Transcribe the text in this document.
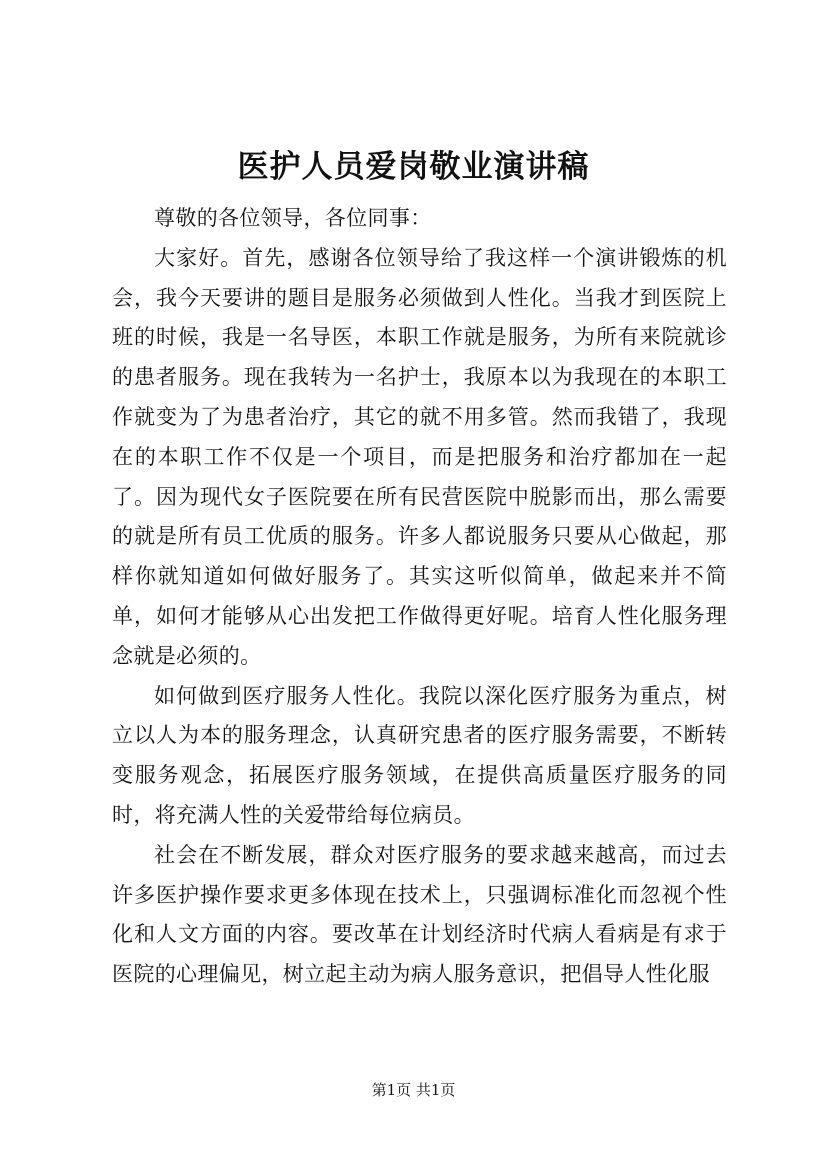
医护人员爱岗敬业演讲稿

尊敬的各位领导，各位同事：

大家好。首先，感谢各位领导给了我这样一个演讲锻炼的机会，我今天要讲的题目是服务必须做到人性化。当我才到医院上班的时候，我是一名导医，本职工作就是服务，为所有来院就诊的患者服务。现在我转为一名护士，我原本以为我现在的本职工作就变为了为患者治疗，其它的就不用多管。然而我错了，我现在的本职工作不仅是一个项目，而是把服务和治疗都加在一起了。因为现代女子医院要在所有民营医院中脱影而出，那么需要的就是所有员工优质的服务。许多人都说服务只要从心做起，那样你就知道如何做好服务了。其实这听似简单，做起来并不简单，如何才能够从心出发把工作做得更好呢。培育人性化服务理念就是必须的。

如何做到医疗服务人性化。我院以深化医疗服务为重点，树立以人为本的服务理念，认真研究患者的医疗服务需要，不断转变服务观念，拓展医疗服务领域，在提供高质量医疗服务的同时，将充满人性的关爱带给每位病员。

社会在不断发展，群众对医疗服务的要求越来越高，而过去许多医护操作要求更多体现在技术上，只强调标准化而忽视个性化和人文方面的内容。要改革在计划经济时代病人看病是有求于医院的心理偏见，树立起主动为病人服务意识，把倡导人性化服

第1页 共1页
